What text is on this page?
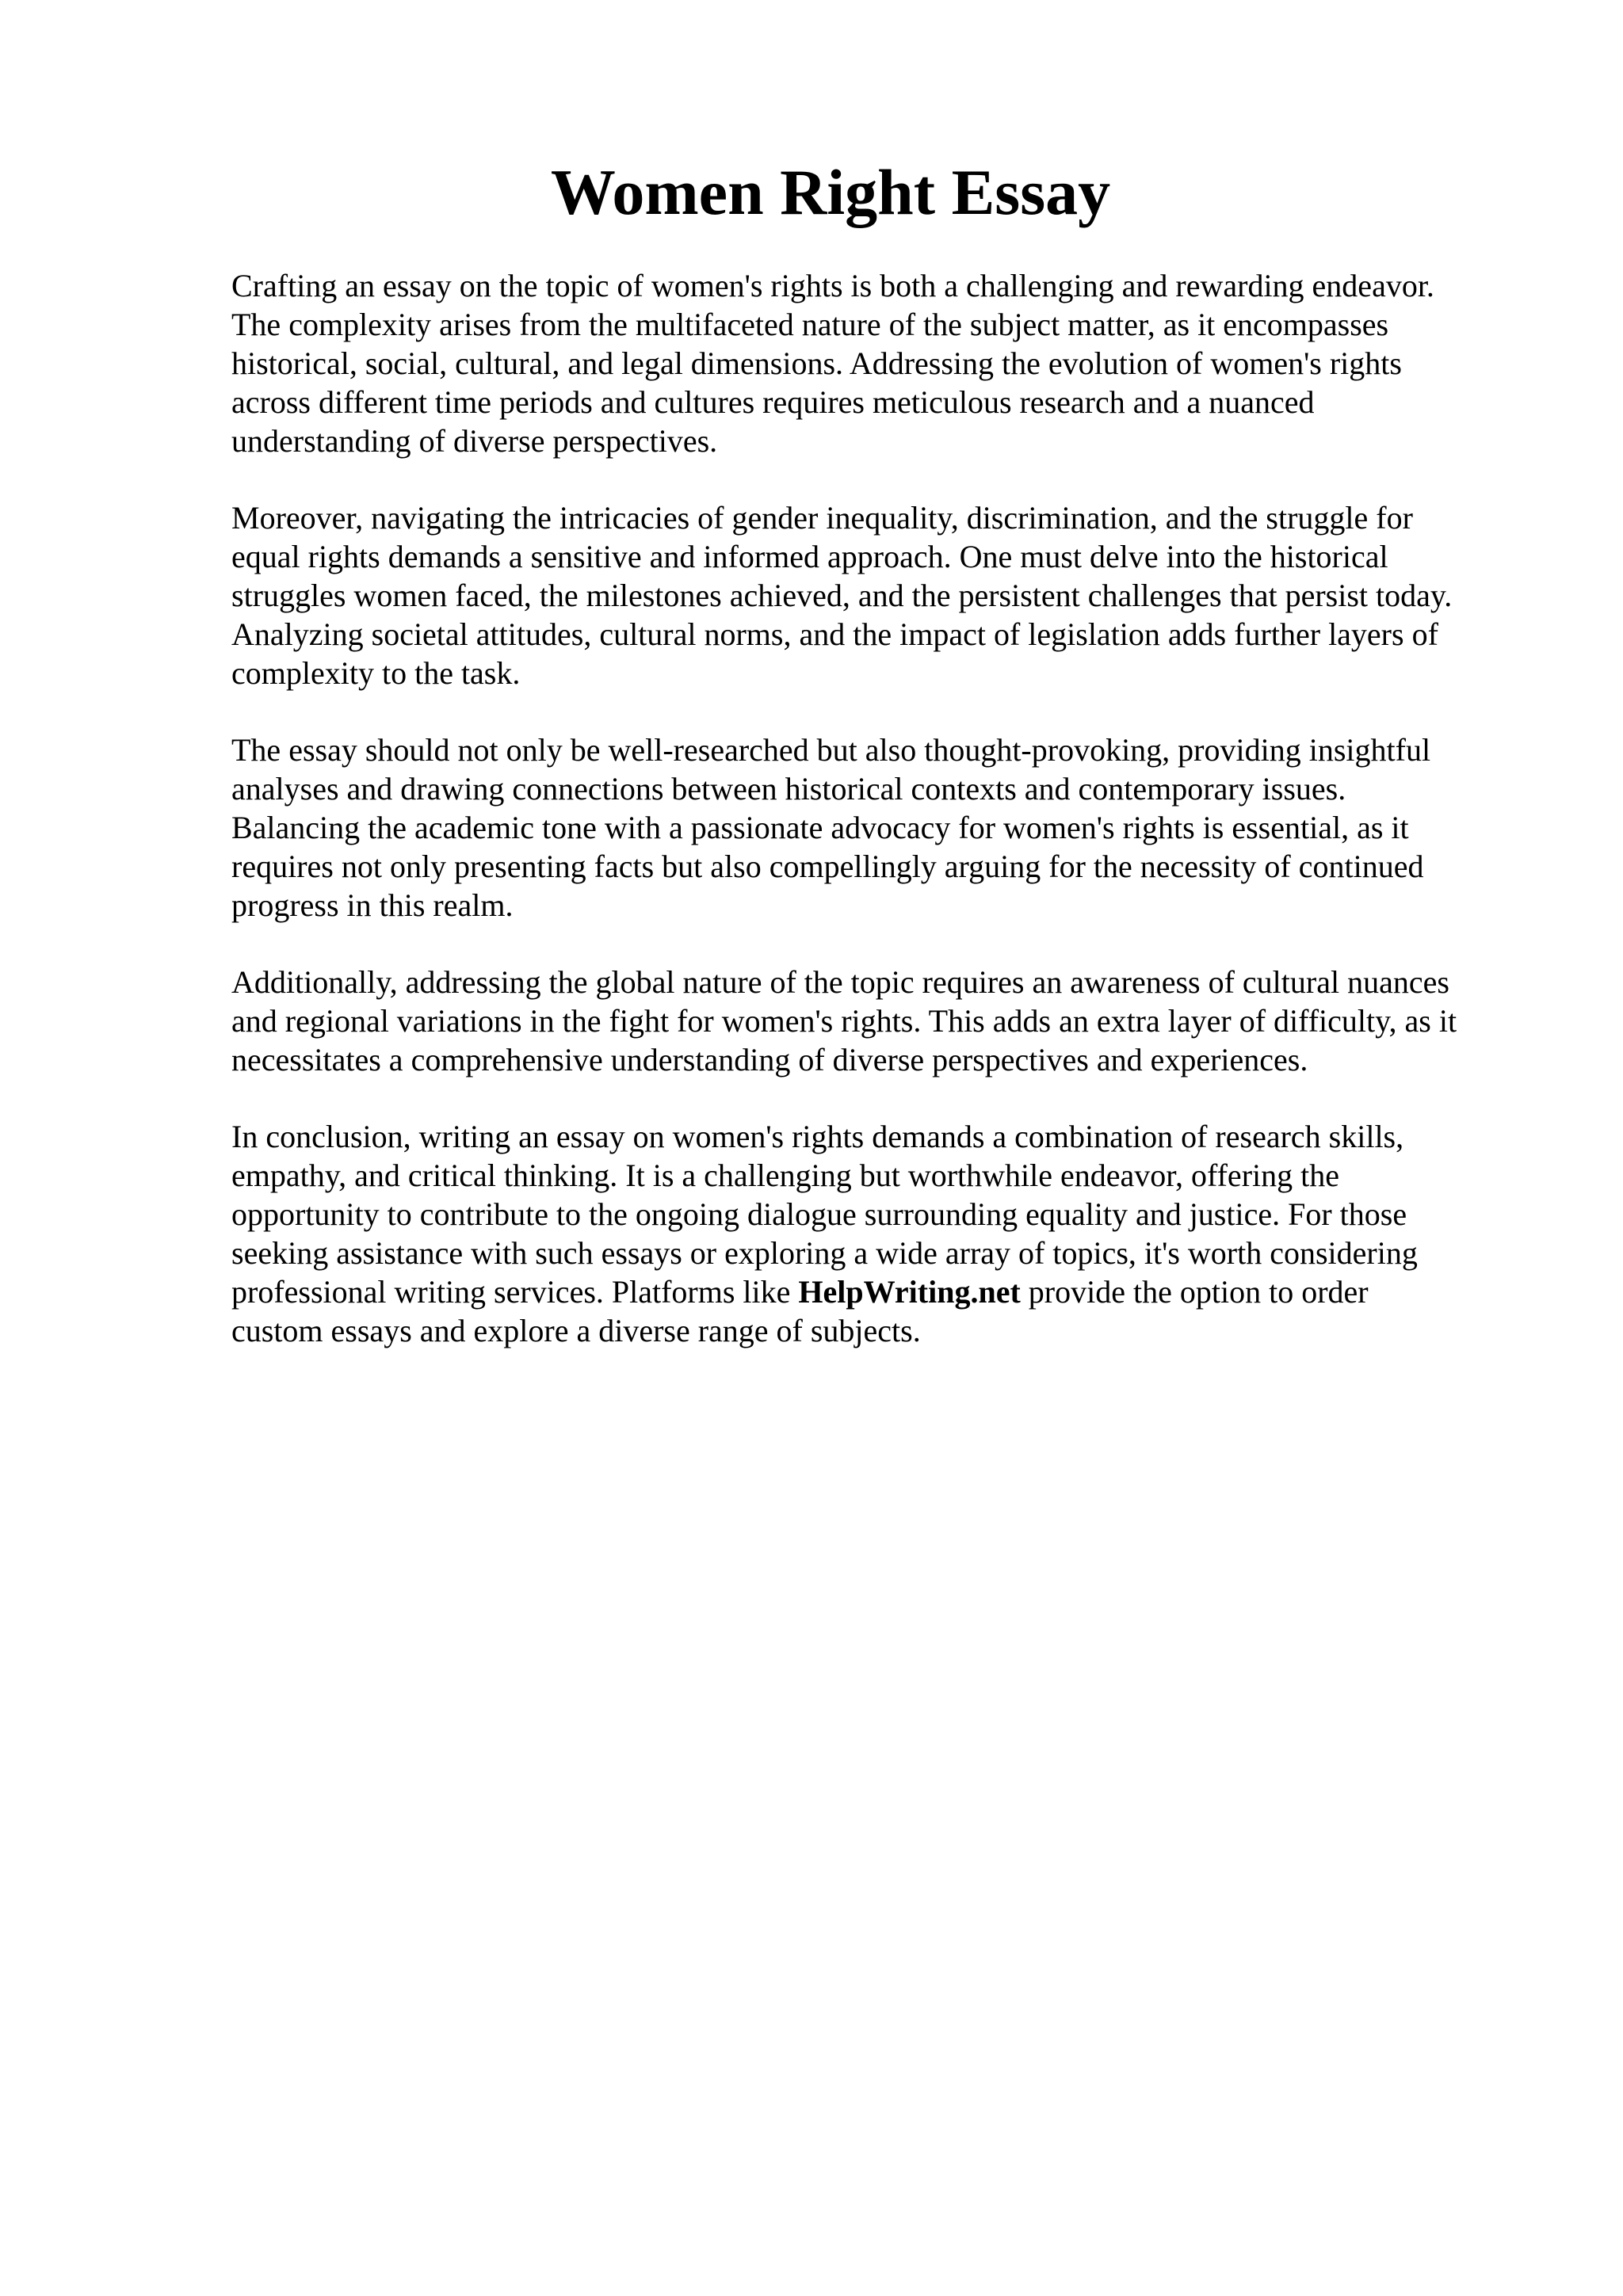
Women Right Essay

Crafting an essay on the topic of women's rights is both a challenging and rewarding endeavor.
The complexity arises from the multifaceted nature of the subject matter, as it encompasses
historical, social, cultural, and legal dimensions. Addressing the evolution of women's rights
across different time periods and cultures requires meticulous research and a nuanced
understanding of diverse perspectives.

Moreover, navigating the intricacies of gender inequality, discrimination, and the struggle for
equal rights demands a sensitive and informed approach. One must delve into the historical
struggles women faced, the milestones achieved, and the persistent challenges that persist today.
Analyzing societal attitudes, cultural norms, and the impact of legislation adds further layers of
complexity to the task.

The essay should not only be well-researched but also thought-provoking, providing insightful
analyses and drawing connections between historical contexts and contemporary issues.
Balancing the academic tone with a passionate advocacy for women's rights is essential, as it
requires not only presenting facts but also compellingly arguing for the necessity of continued
progress in this realm.

Additionally, addressing the global nature of the topic requires an awareness of cultural nuances
and regional variations in the fight for women's rights. This adds an extra layer of difficulty, as it
necessitates a comprehensive understanding of diverse perspectives and experiences.

In conclusion, writing an essay on women's rights demands a combination of research skills,
empathy, and critical thinking. It is a challenging but worthwhile endeavor, offering the
opportunity to contribute to the ongoing dialogue surrounding equality and justice. For those
seeking assistance with such essays or exploring a wide array of topics, it's worth considering
professional writing services. Platforms like HelpWriting.net provide the option to order
custom essays and explore a diverse range of subjects.
